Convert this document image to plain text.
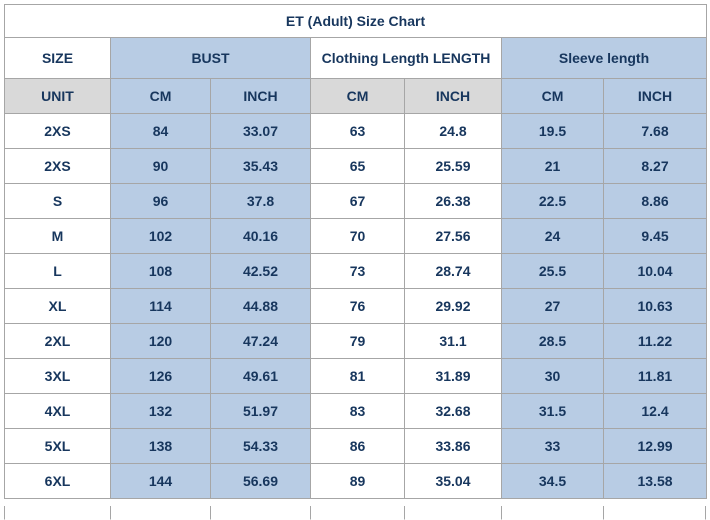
ET (Adult) Size Chart						
SIZE	BUST		Clothing Length LENGTH		Sleeve length	
UNIT	CM	INCH	CM	INCH	CM	INCH
2XS	84	33.07	63	24.8	19.5	7.68
2XS	90	35.43	65	25.59	21	8.27
S	96	37.8	67	26.38	22.5	8.86
M	102	40.16	70	27.56	24	9.45
L	108	42.52	73	28.74	25.5	10.04
XL	114	44.88	76	29.92	27	10.63
2XL	120	47.24	79	31.1	28.5	11.22
3XL	126	49.61	81	31.89	30	11.81
4XL	132	51.97	83	32.68	31.5	12.4
5XL	138	54.33	86	33.86	33	12.99
6XL	144	56.69	89	35.04	34.5	13.58
